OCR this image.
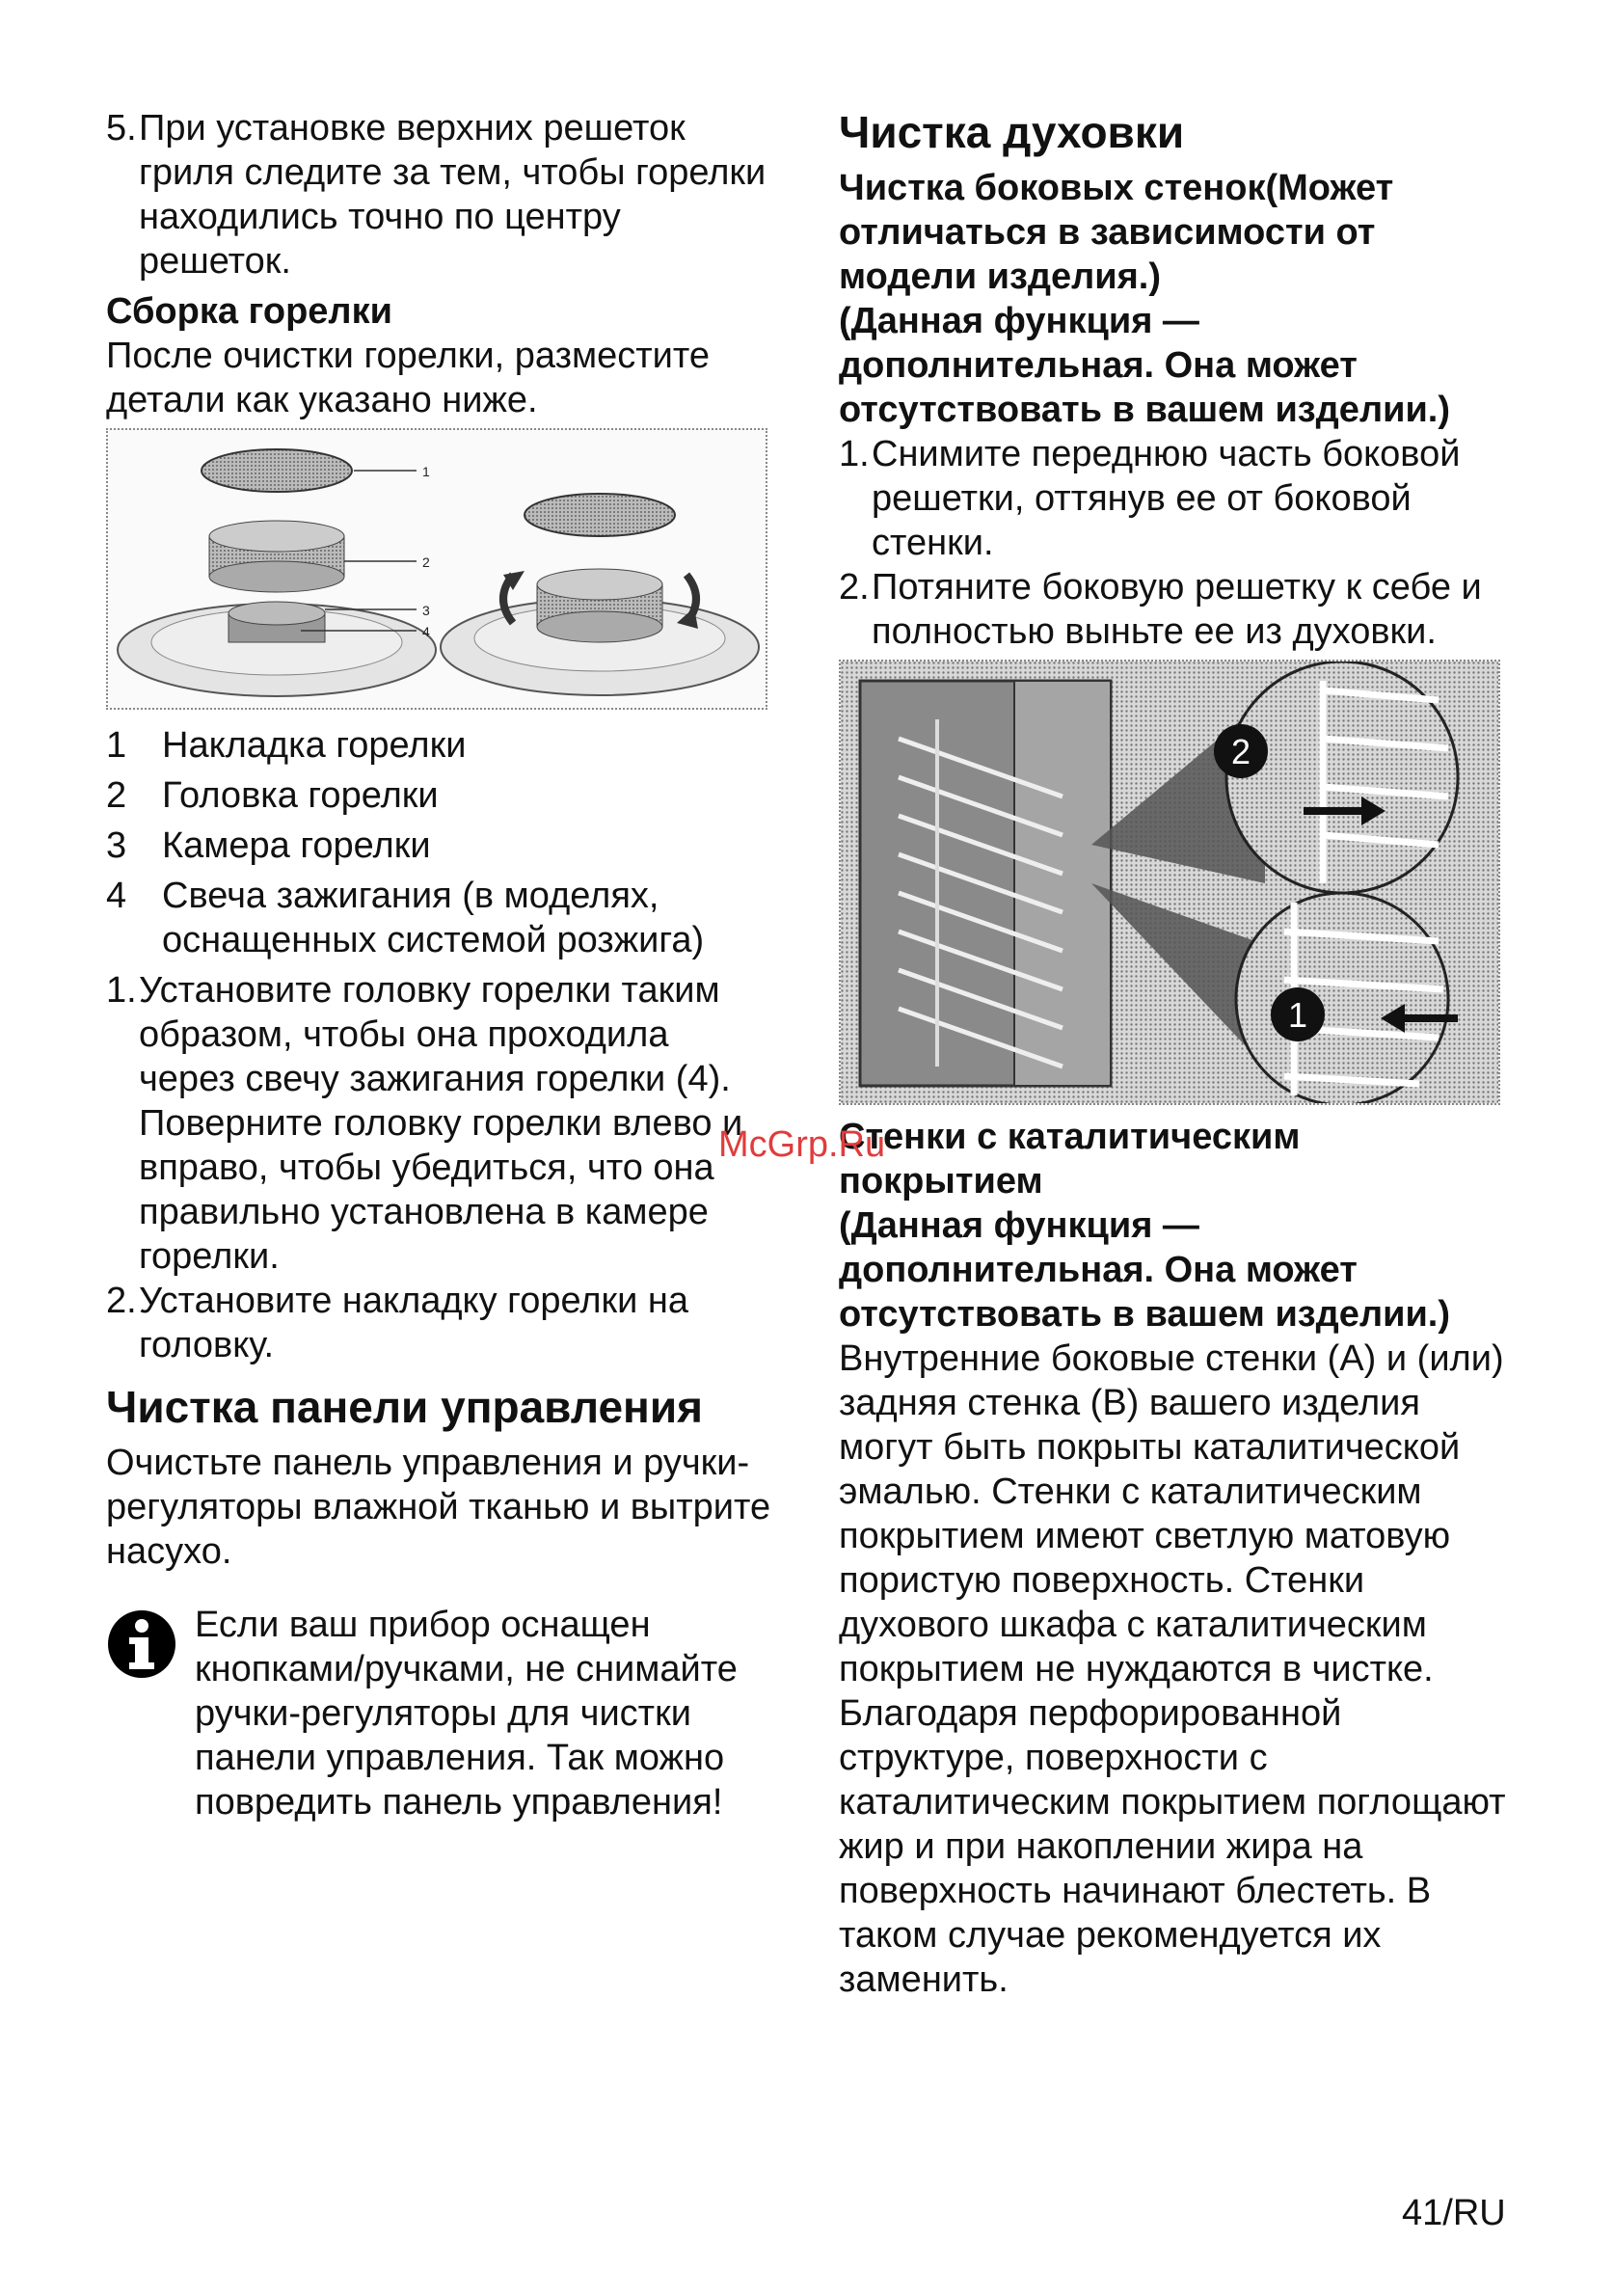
5. При установке верхних решеток гриля следите за тем, чтобы горелки находились точно по центру решеток.

Сборка горелки

После очистки горелки, разместите детали как указано ниже.

1
2
3
4
1 Накладка горелки
2 Головка горелки
3 Камера горелки
4 Свеча зажигания (в моделях, оснащенных системой розжига)
1. Установите головку горелки таким образом, чтобы она проходила через свечу зажигания горелки (4). Поверните головку горелки влево и вправо, чтобы убедиться, что она правильно установлена в камере горелки.
2. Установите накладку горелки на головку.

Чистка панели управления

Очистьте панель управления и ручки-регуляторы влажной тканью и вытрите насухо.

Если ваш прибор оснащен кнопками/ручками, не снимайте ручки-регуляторы для чистки панели управления. Так можно повредить панель управления!

Чистка духовки

Чистка боковых стенок(Может отличаться в зависимости от модели изделия.)

(Данная функция — дополнительная. Она может отсутствовать в вашем изделии.)

1. Снимите переднюю часть боковой решетки, оттянув ее от боковой стенки.
2. Потяните боковую решетку к себе и полностью выньте ее из духовки.
2
1

Стенки с каталитическим покрытием

(Данная функция — дополнительная. Она может отсутствовать в вашем изделии.)

Внутренние боковые стенки (A) и (или) задняя стенка (B) вашего изделия могут быть покрыты каталитической эмалью. Стенки с каталитическим покрытием имеют светлую матовую пористую поверхность. Стенки духового шкафа с каталитическим покрытием не нуждаются в чистке. Благодаря перфорированной структуре, поверхности с каталитическим покрытием поглощают жир и при накоплении жира на поверхность начинают блестеть. В таком случае рекомендуется их заменить.

McGrp.Ru
41/RU
